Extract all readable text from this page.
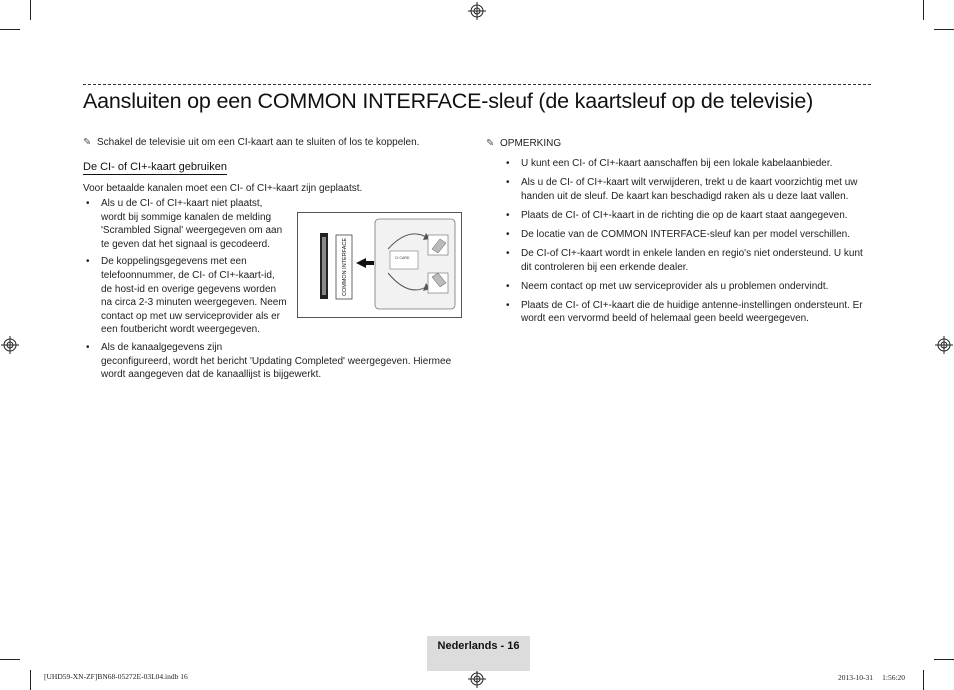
Aansluiten op een COMMON INTERFACE-sleuf (de kaartsleuf op de televisie)
✎ Schakel de televisie uit om een CI-kaart aan te sluiten of los te koppelen.
De CI- of CI+-kaart gebruiken
Voor betaalde kanalen moet een CI- of CI+-kaart zijn geplaatst.
• Als u de CI- of CI+-kaart niet plaatst,
wordt bij sommige kanalen de melding
'Scrambled Signal' weergegeven om aan
te geven dat het signaal is gecodeerd.
• De koppelingsgegevens met een
telefoonnummer, de CI- of CI+-kaart-id,
de host-id en overige gegevens worden
na circa 2-3 minuten weergegeven. Neem
contact op met uw serviceprovider als er
een foutbericht wordt weergegeven.
• Als de kanaalgegevens zijn
geconfigureerd, wordt het bericht 'Updating Completed' weergegeven. Hiermee
wordt aangegeven dat de kanaallijst is bijgewerkt.
COMMON INTERFACE	CI CARD
✎ OPMERKING
• U kunt een CI- of CI+-kaart aanschaffen bij een lokale kabelaanbieder.
• Als u de CI- of CI+-kaart wilt verwijderen, trekt u de kaart voorzichtig met uw
handen uit de sleuf. De kaart kan beschadigd raken als u deze laat vallen.
• Plaats de CI- of CI+-kaart in de richting die op de kaart staat aangegeven.
• De locatie van de COMMON INTERFACE-sleuf kan per model verschillen.
• De CI-of CI+-kaart wordt in enkele landen en regio's niet ondersteund. U kunt
dit controleren bij een erkende dealer.
• Neem contact op met uw serviceprovider als u problemen ondervindt.
• Plaats de CI- of CI+-kaart die de huidige antenne-instellingen ondersteunt. Er
wordt een vervormd beeld of helemaal geen beeld weergegeven.
Nederlands - 16
[UHD59-XN-ZF]BN68-05272E-03L04.indb 16	2013-10-31 ﾠ1:56:20
